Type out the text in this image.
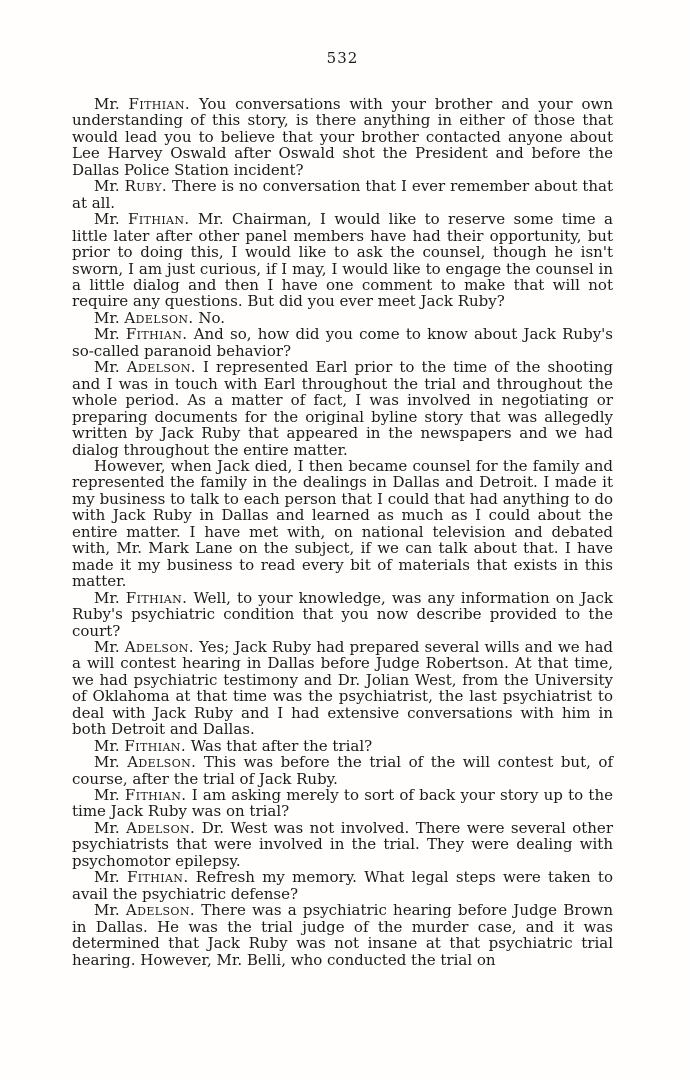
532

Mr. Fithian. You conversations with your brother and your own understanding of this story, is there anything in either of those that would lead you to believe that your brother contacted anyone about Lee Harvey Oswald after Oswald shot the President and before the Dallas Police Station incident?

Mr. Ruby. There is no conversation that I ever remember about that at all.

Mr. Fithian. Mr. Chairman, I would like to reserve some time a little later after other panel members have had their opportunity, but prior to doing this, I would like to ask the counsel, though he isn't sworn, I am just curious, if I may, I would like to engage the counsel in a little dialog and then I have one comment to make that will not require any questions. But did you ever meet Jack Ruby?

Mr. Adelson. No.

Mr. Fithian. And so, how did you come to know about Jack Ruby's so-called paranoid behavior?

Mr. Adelson. I represented Earl prior to the time of the shooting and I was in touch with Earl throughout the trial and throughout the whole period. As a matter of fact, I was involved in negotiating or preparing documents for the original byline story that was allegedly written by Jack Ruby that appeared in the newspapers and we had dialog throughout the entire matter.

However, when Jack died, I then became counsel for the family and represented the family in the dealings in Dallas and Detroit. I made it my business to talk to each person that I could that had anything to do with Jack Ruby in Dallas and learned as much as I could about the entire matter. I have met with, on national television and debated with, Mr. Mark Lane on the subject, if we can talk about that. I have made it my business to read every bit of materials that exists in this matter.

Mr. Fithian. Well, to your knowledge, was any information on Jack Ruby's psychiatric condition that you now describe provided to the court?

Mr. Adelson. Yes; Jack Ruby had prepared several wills and we had a will contest hearing in Dallas before Judge Robertson. At that time, we had psychiatric testimony and Dr. Jolian West, from the University of Oklahoma at that time was the psychiatrist, the last psychiatrist to deal with Jack Ruby and I had extensive conversations with him in both Detroit and Dallas.

Mr. Fithian. Was that after the trial?

Mr. Adelson. This was before the trial of the will contest but, of course, after the trial of Jack Ruby.

Mr. Fithian. I am asking merely to sort of back your story up to the time Jack Ruby was on trial?

Mr. Adelson. Dr. West was not involved. There were several other psychiatrists that were involved in the trial. They were dealing with psychomotor epilepsy.

Mr. Fithian. Refresh my memory. What legal steps were taken to avail the psychiatric defense?

Mr. Adelson. There was a psychiatric hearing before Judge Brown in Dallas. He was the trial judge of the murder case, and it was determined that Jack Ruby was not insane at that psychiatric trial hearing. However, Mr. Belli, who conducted the trial on
